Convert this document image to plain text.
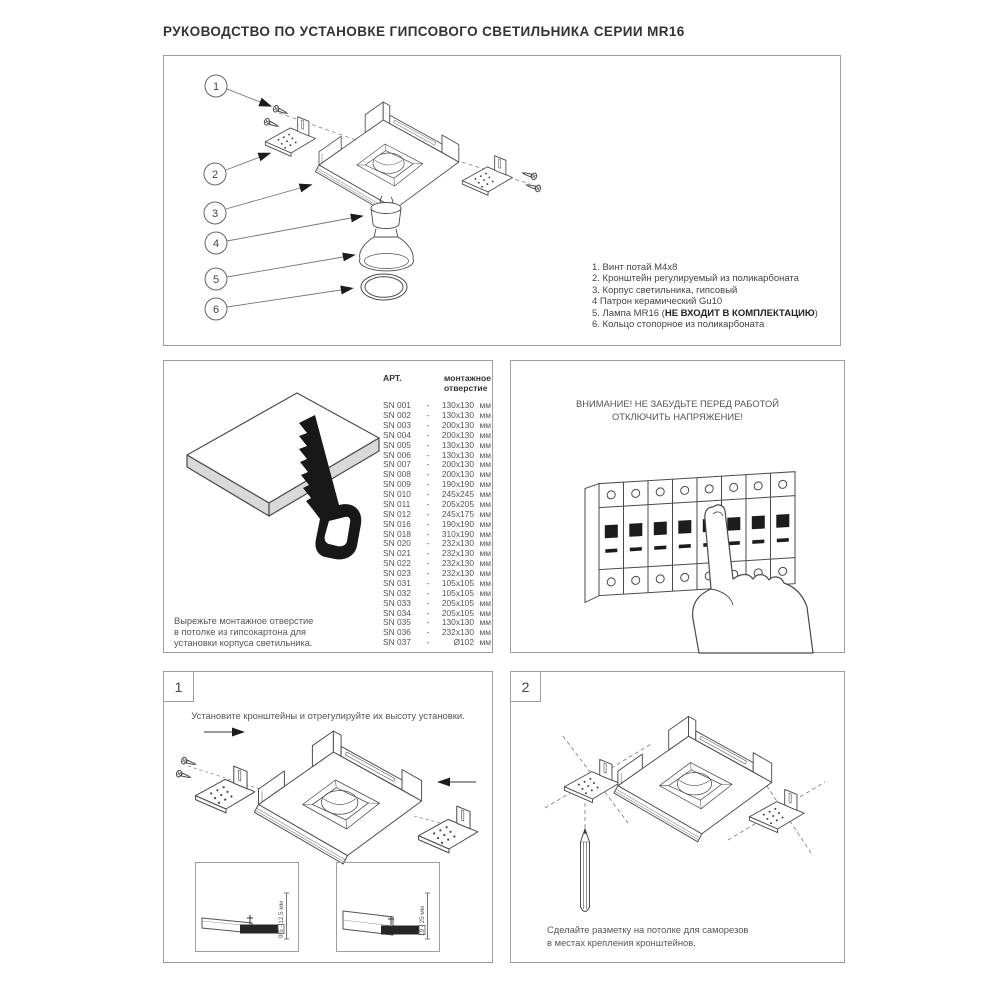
РУКОВОДСТВО ПО УСТАНОВКЕ ГИПСОВОГО СВЕТИЛЬНИКА СЕРИИ MR16
1
2
3
4
5
6
1. Винт потай М4х8
2. Кронштейн регулируемый из поликарбоната
3. Корпус светильника, гипсовый
4 Патрон керамический Gu10
5. Лампа MR16 (НЕ ВХОДИТ В КОМПЛЕКТАЦИЮ)
6. Кольцо стопорное из поликарбоната
АРТ.	монтажное
отверстие
SN 001	-	130x130 мм
SN 002	-	130x130 мм
SN 003	-	200x130 мм
SN 004	-	200x130 мм
SN 005	-	130x130 мм
SN 006	-	130x130 мм
SN 007	-	200x130 мм
SN 008	-	200x130 мм
SN 009	-	190x190 мм
SN 010	-	245x245 мм
SN 011	-	205x205 мм
SN 012	-	245x175 мм
SN 016	-	190x190 мм
SN 018	-	310x190 мм
SN 020	-	232x130 мм
SN 021	-	232x130 мм
SN 022	-	232x130 мм
SN 023	-	232x130 мм
SN 031	-	105x105 мм
SN 032	-	105x105 мм
SN 033	-	205x105 мм
SN 034	-	205x105 мм
SN 035	-	130x130 мм
SN 036	-	232x130 мм
SN 037	-	Ø102 мм
Вырежьте монтажное отверстие
в потолке из гипсокартона для
установки корпуса светильника.
ВНИМАНИЕ! НЕ ЗАБУДЬТЕ ПЕРЕД РАБОТОЙ
ОТКЛЮЧИТЬ НАПРЯЖЕНИЕ!
1
Установите кронштейны и отрегулируйте их высоту установки.
9.5 - 12.5 мм	19 - 25 мм
2
Сделайте разметку на потолке для саморезов
в местах крепления кронштейнов.
